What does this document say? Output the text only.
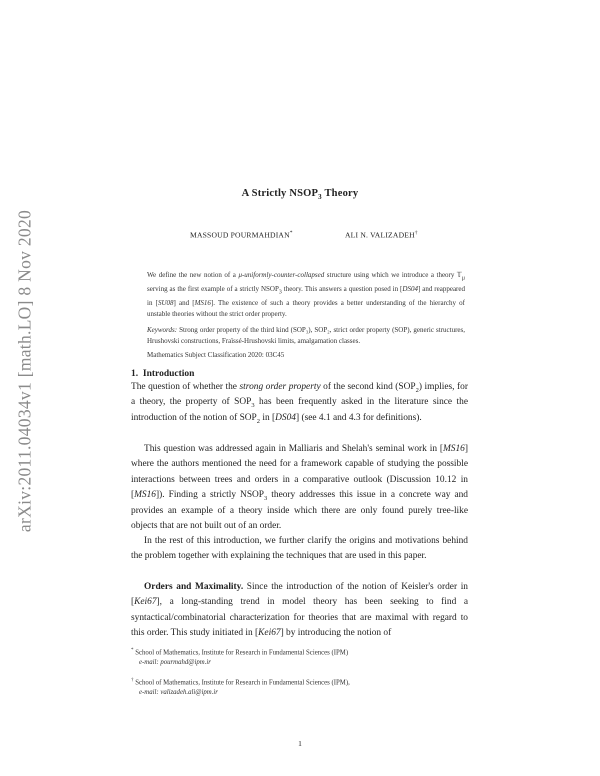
arXiv:2011.04034v1 [math.LO] 8 Nov 2020
A Strictly $NSOP_3$ Theory
MASSOUD POURMAHDIAN*	ALI N. VALIZADEH†
We define the new notion of a μ-uniformly-counter-collapsed structure using which we introduce a theory 𝕋$_\mu$ serving as the first example of a strictly $NSOP_3$ theory. This answers a question posed in [DS04] and reappeared in [SU08] and [MS16]. The existence of such a theory provides a better understanding of the hierarchy of unstable theories without the strict order property.
Keywords: Strong order property of the third kind (SOP₃), SOP₂, strict order property (SOP), generic structures, Hrushovski constructions, Fraïssé-Hrushovski limits, amalgamation classes.
Mathematics Subject Classification 2020: 03C45
1. Introduction
The question of whether the strong order property of the second kind $(SOP_2)$ implies, for a theory, the property of $SOP_3$ has been frequently asked in the literature since the introduction of the notion of $SOP_2$ in [DS04] (see 4.1 and 4.3 for definitions).
This question was addressed again in Malliaris and Shelah's seminal work in [MS16] where the authors mentioned the need for a framework capable of studying the possible interactions between trees and orders in a comparative outlook (Discussion 10.12 in [MS16]). Finding a strictly $NSOP_3$ theory addresses this issue in a concrete way and provides an example of a theory inside which there are only found purely tree-like objects that are not built out of an order.
In the rest of this introduction, we further clarify the origins and motivations behind the problem together with explaining the techniques that are used in this paper.
Orders and Maximality. Since the introduction of the notion of Keisler's order in [Kei67], a long-standing trend in model theory has been seeking to find a syntactical/combinatorial characterization for theories that are maximal with regard to this order. This study initiated in [Kei67] by introducing the notion of
* School of Mathematics, Institute for Research in Fundamental Sciences (IPM)
e-mail: pourmahd@ipm.ir
† School of Mathematics, Institute for Research in Fundamental Sciences (IPM),
e-mail: valizadeh.ali@ipm.ir
1
